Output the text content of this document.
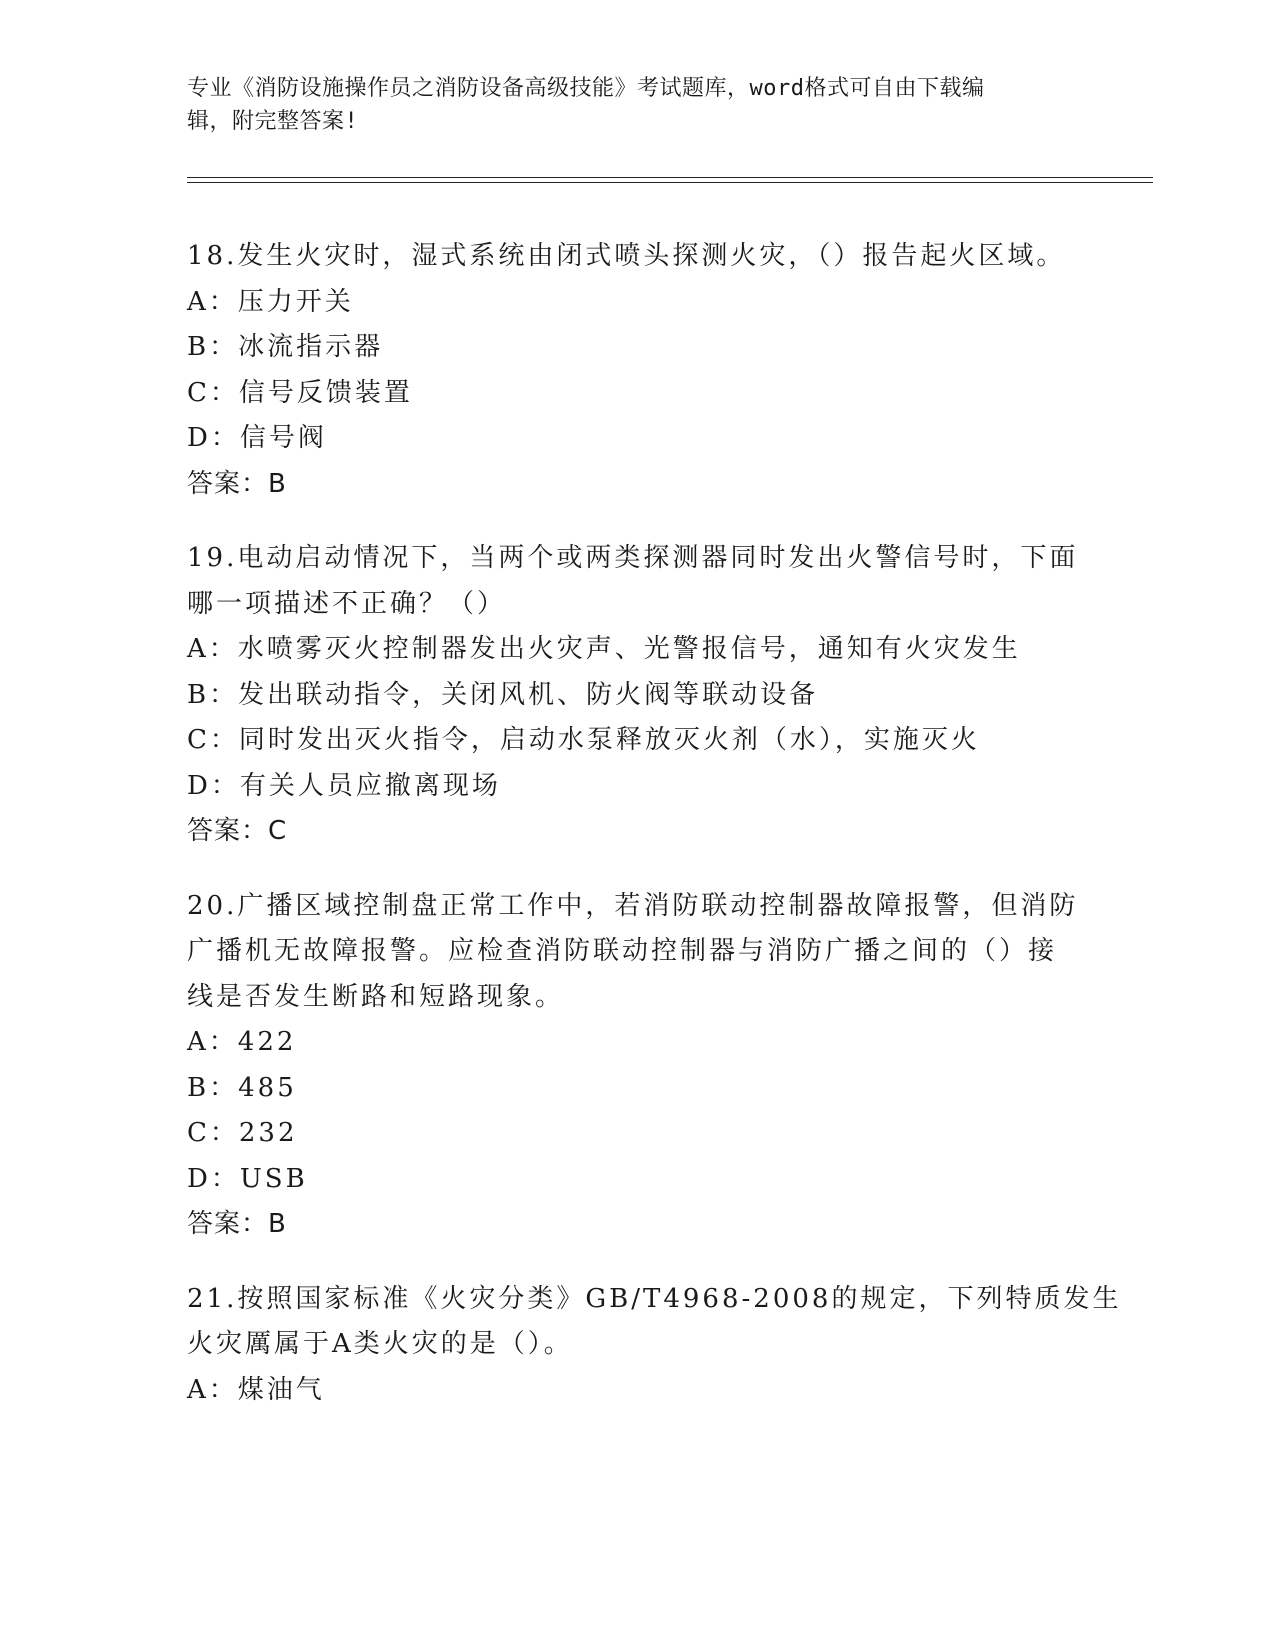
专业《消防设施操作员之消防设备高级技能》考试题库，word格式可自由下载编
辑，附完整答案!
18.发生火灾时，湿式系统由闭式喷头探测火灾，（）报告起火区域。
A：压力开关
B：冰流指示器
C：信号反馈装置
D：信号阀
答案：B
19.电动启动情况下，当两个或两类探测器同时发出火警信号时，下面
哪一项描述不正确？（）
A：水喷雾灭火控制器发出火灾声、光警报信号，通知有火灾发生
B：发出联动指令，关闭风机、防火阀等联动设备
C：同时发出灭火指令，启动水泵释放灭火剂（水），实施灭火
D：有关人员应撤离现场
答案：C
20.广播区域控制盘正常工作中，若消防联动控制器故障报警，但消防
广播机无故障报警。应检查消防联动控制器与消防广播之间的（）接
线是否发生断路和短路现象。
A：422
B：485
C：232
D：USB
答案：B
21.按照国家标准《火灾分类》GB/T4968-2008的规定，下列特质发生
火灾厲属于A类火灾的是（）。
A：煤油气
